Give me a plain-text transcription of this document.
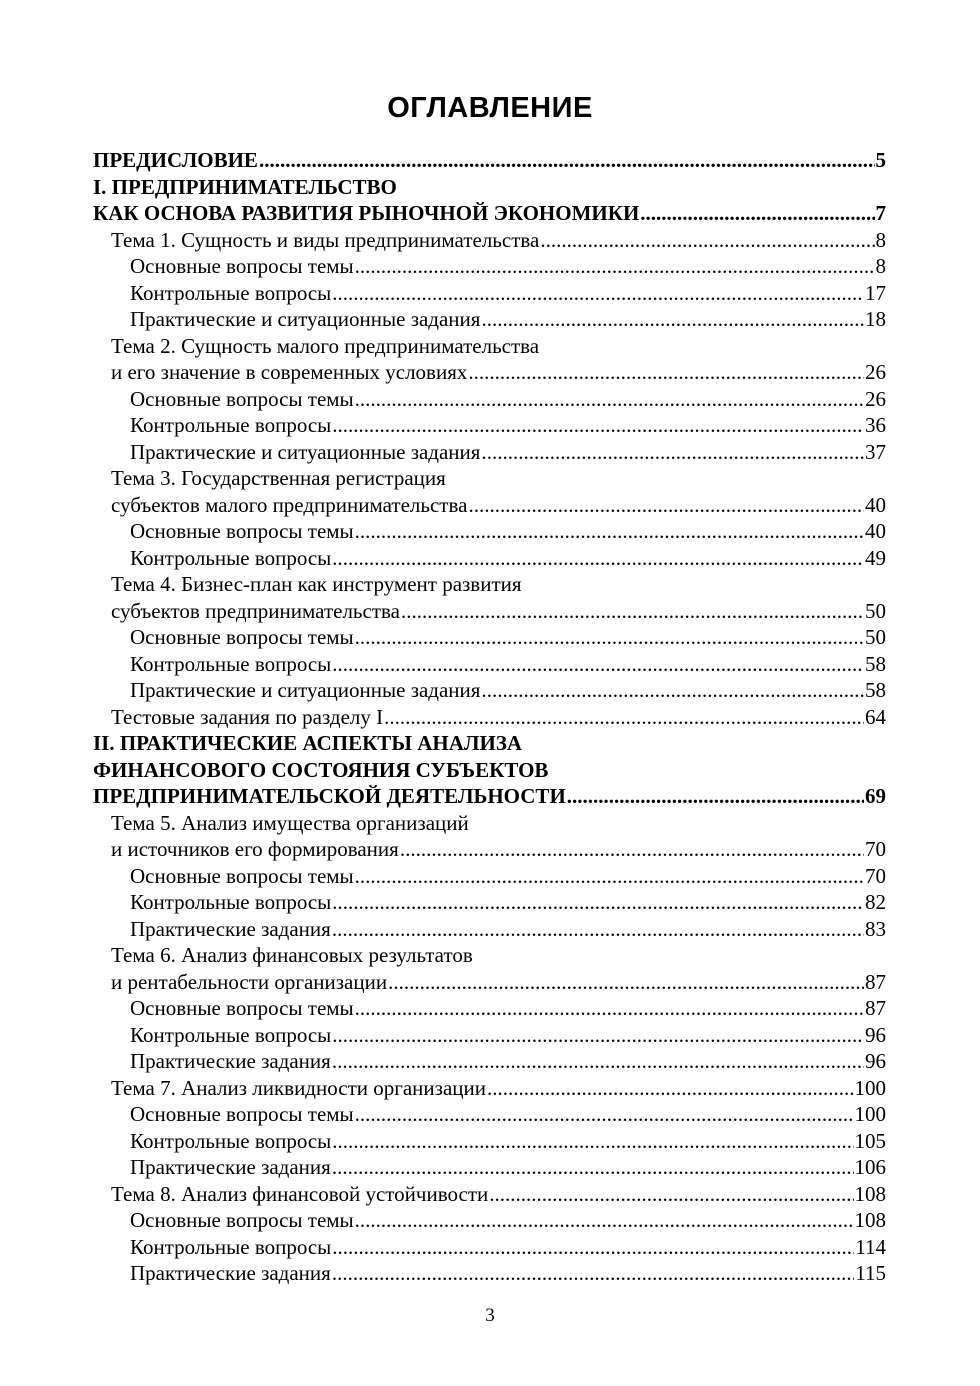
ОГЛАВЛЕНИЕ
ПРЕДИСЛОВИЕ .....	5
I. ПРЕДПРИНИМАТЕЛЬСТВО
КАК ОСНОВА РАЗВИТИЯ РЫНОЧНОЙ ЭКОНОМИКИ .....	7
Тема 1. Сущность и виды предпринимательства .....	8
Основные вопросы темы .....	8
Контрольные вопросы .....	17
Практические и ситуационные задания .....	18
Тема 2. Сущность малого предпринимательства
и его значение в современных условиях .....	26
Основные вопросы темы .....	26
Контрольные вопросы .....	36
Практические и ситуационные задания .....	37
Тема 3. Государственная регистрация
субъектов малого предпринимательства .....	40
Основные вопросы темы .....	40
Контрольные вопросы .....	49
Тема 4. Бизнес-план как инструмент развития
субъектов предпринимательства .....	50
Основные вопросы темы .....	50
Контрольные вопросы .....	58
Практические и ситуационные задания .....	58
Тестовые задания по разделу I .....	64
II. ПРАКТИЧЕСКИЕ АСПЕКТЫ АНАЛИЗА
ФИНАНСОВОГО СОСТОЯНИЯ СУБЪЕКТОВ
ПРЕДПРИНИМАТЕЛЬСКОЙ ДЕЯТЕЛЬНОСТИ .....	69
Тема 5. Анализ имущества организаций
и источников его формирования .....	70
Основные вопросы темы .....	70
Контрольные вопросы .....	82
Практические задания .....	83
Тема 6. Анализ финансовых результатов
и рентабельности организации .....	87
Основные вопросы темы .....	87
Контрольные вопросы .....	96
Практические задания .....	96
Тема 7. Анализ ликвидности организации .....	100
Основные вопросы темы .....	100
Контрольные вопросы .....	105
Практические задания .....	106
Тема 8. Анализ финансовой устойчивости .....	108
Основные вопросы темы .....	108
Контрольные вопросы .....	114
Практические задания .....	115
3
